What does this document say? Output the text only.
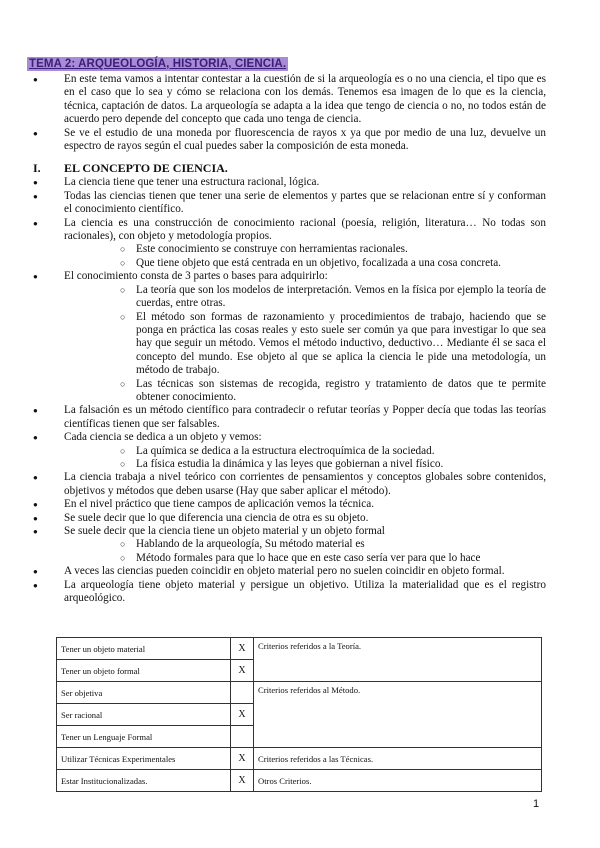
TEMA 2: ARQUEOLOGÍA, HISTORIA, CIENCIA.
● En este tema vamos a intentar contestar a la cuestión de si la arqueología es o no una ciencia, el tipo que es en el caso que lo sea y cómo se relaciona con los demás. Tenemos esa imagen de lo que es la ciencia, técnica, captación de datos. La arqueología se adapta a la idea que tengo de ciencia o no, no todos están de acuerdo pero depende del concepto que cada uno tenga de ciencia.
● Se ve el estudio de una moneda por fluorescencia de rayos x ya que por medio de una luz, devuelve un espectro de rayos según el cual puedes saber la composición de esta moneda.
I. EL CONCEPTO DE CIENCIA.
● La ciencia tiene que tener una estructura racional, lógica.
● Todas las ciencias tienen que tener una serie de elementos y partes que se relacionan entre sí y conforman el conocimiento científico.
● La ciencia es una construcción de conocimiento racional (poesía, religión, literatura… No todas son racionales), con objeto y metodología propios.
○ Este conocimiento se construye con herramientas racionales.
○ Que tiene objeto que está centrada en un objetivo, focalizada a una cosa concreta.
● El conocimiento consta de 3 partes o bases para adquirirlo:
○ La teoría que son los modelos de interpretación. Vemos en la física por ejemplo la teoría de cuerdas, entre otras.
○ El método son formas de razonamiento y procedimientos de trabajo, haciendo que se ponga en práctica las cosas reales y esto suele ser común ya que para investigar lo que sea hay que seguir un método. Vemos el método inductivo, deductivo… Mediante él se saca el concepto del mundo. Ese objeto al que se aplica la ciencia le pide una metodología, un método de trabajo.
○ Las técnicas son sistemas de recogida, registro y tratamiento de datos que te permite obtener conocimiento.
● La falsación es un método científico para contradecir o refutar teorías y Popper decía que todas las teorías científicas tienen que ser falsables.
● Cada ciencia se dedica a un objeto y vemos:
○ La química se dedica a la estructura electroquímica de la sociedad.
○ La física estudia la dinámica y las leyes que gobiernan a nivel físico.
● La ciencia trabaja a nivel teórico con corrientes de pensamientos y conceptos globales sobre contenidos, objetivos y métodos que deben usarse (Hay que saber aplicar el método).
● En el nivel práctico que tiene campos de aplicación vemos la técnica.
● Se suele decir que lo que diferencia una ciencia de otra es su objeto.
● Se suele decir que la ciencia tiene un objeto material y un objeto formal
○ Hablando de la arqueología, Su método material es
○ Método formales para que lo hace que en este caso sería ver para que lo hace
● A veces las ciencias pueden coincidir en objeto material pero no suelen coincidir en objeto formal.
● La arqueología tiene objeto material y persigue un objetivo. Utiliza la materialidad que es el registro arqueológico.
Tener un objeto material	X	Criterios referidos a la Teoría.
Tener un objeto formal	X	
Ser objetiva		Criterios referidos al Método.
Ser racional	X	
Tener un Lenguaje Formal		
Utilizar Técnicas Experimentales	X	Criterios referidos a las Técnicas.
Estar Institucionalizadas.	X	Otros Criterios.
1
